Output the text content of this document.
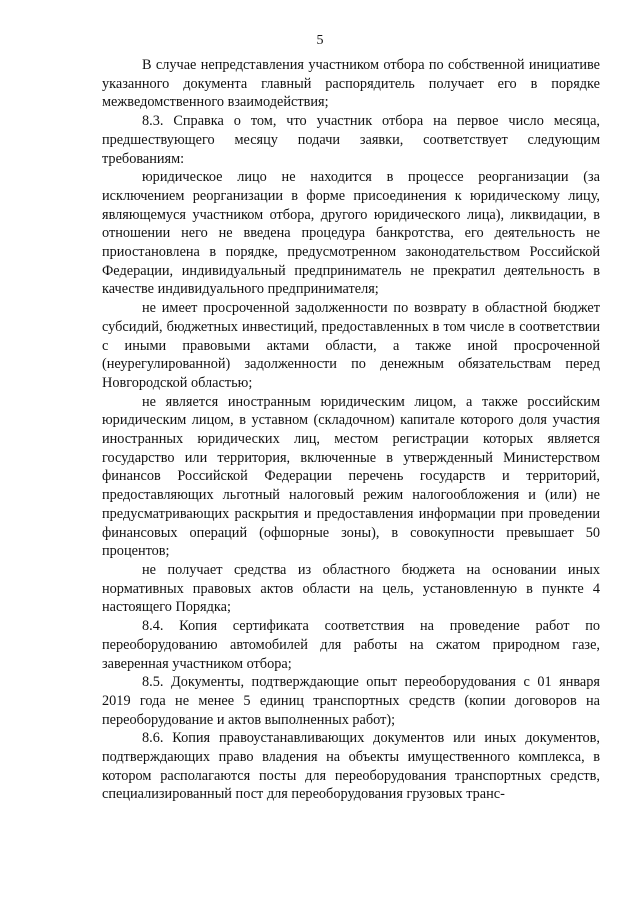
5

В случае непредставления участником отбора по собственной инициативе указанного документа главный распорядитель получает его в порядке межведомственного взаимодействия;

8.3. Справка о том, что участник отбора на первое число месяца, предшествующего месяцу подачи заявки, соответствует следующим требованиям:

юридическое лицо не находится в процессе реорганизации (за исключением реорганизации в форме присоединения к юридическому лицу, являющемуся участником отбора, другого юридического лица), ликвидации, в отношении него не введена процедура банкротства, его деятельность не приостановлена в порядке, предусмотренном законодательством Российской Федерации, индивидуальный предприниматель не прекратил деятельность в качестве индивидуального предпринимателя;

не имеет просроченной задолженности по возврату в областной бюджет субсидий, бюджетных инвестиций, предоставленных в том числе в соответствии с иными правовыми актами области, а также иной просроченной (неурегулированной) задолженности по денежным обязательствам перед Новгородской областью;

не является иностранным юридическим лицом, а также российским юридическим лицом, в уставном (складочном) капитале которого доля участия иностранных юридических лиц, местом регистрации которых является государство или территория, включенные в утвержденный Министерством финансов Российской Федерации перечень государств и территорий, предоставляющих льготный налоговый режим налогообложения и (или) не предусматривающих раскрытия и предоставления информации при проведении финансовых операций (офшорные зоны), в совокупности превышает 50 процентов;

не получает средства из областного бюджета на основании иных нормативных правовых актов области на цель, установленную в пункте 4 настоящего Порядка;

8.4. Копия сертификата соответствия на проведение работ по переоборудованию автомобилей для работы на сжатом природном газе, заверенная участником отбора;

8.5. Документы, подтверждающие опыт переоборудования с 01 января 2019 года не менее 5 единиц транспортных средств (копии договоров на переоборудование и актов выполненных работ);

8.6. Копия правоустанавливающих документов или иных документов, подтверждающих право владения на объекты имущественного комплекса, в котором располагаются посты для переоборудования транспортных средств, специализированный пост для переоборудования грузовых транс-
